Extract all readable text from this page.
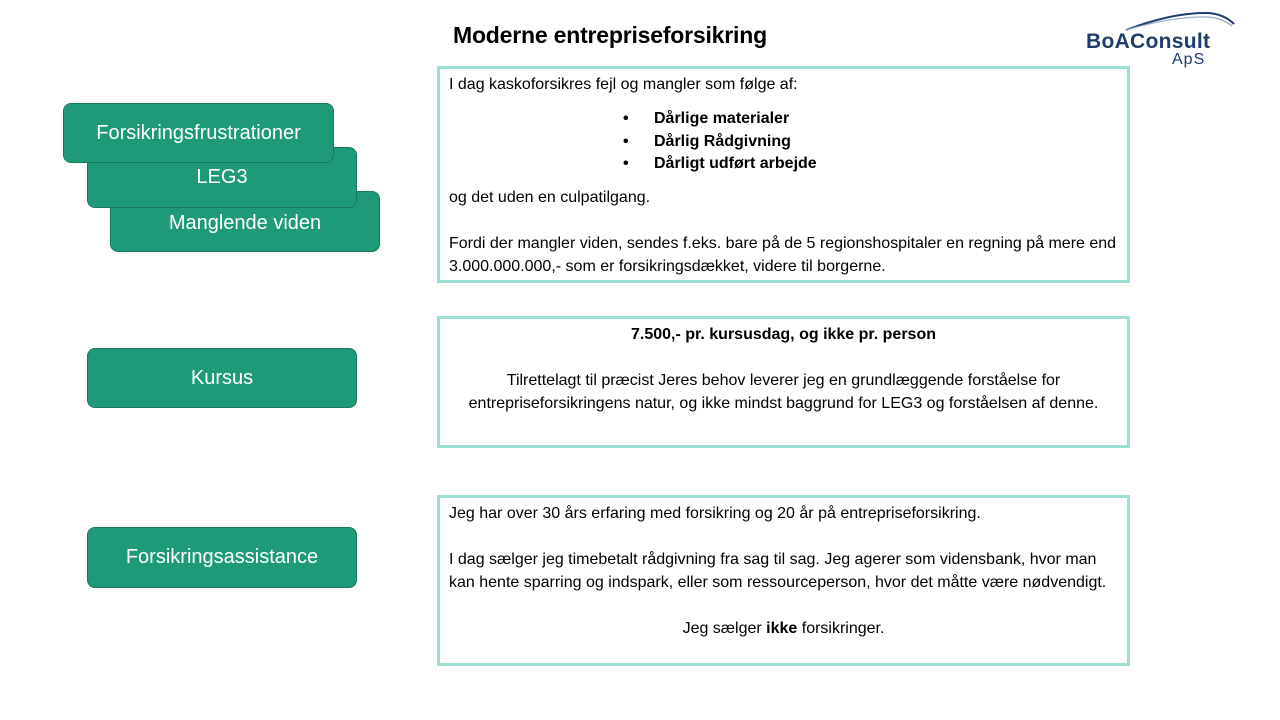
Moderne entrepriseforsikring	BoAConsult
ApS
Manglende viden
LEG3
Forsikringsfrustrationer
Kursus
Forsikringsassistance

I dag kaskoforsikres fejl og mangler som følge af:

• Dårlige materialer
• Dårlig Rådgivning
• Dårligt udført arbejde

og det uden en culpatilgang.

Fordi der mangler viden, sendes f.eks. bare på de 5 regionshospitaler en regning på mere end 3.000.000.000,- som er forsikringsdækket, videre til borgerne.

7.500,- pr. kursusdag, og ikke pr. person

Tilrettelagt til præcist Jeres behov leverer jeg en grundlæggende forståelse for entrepriseforsikringens natur, og ikke mindst baggrund for LEG3 og forståelsen af denne.

Jeg har over 30 års erfaring med forsikring og 20 år på entrepriseforsikring.

I dag sælger jeg timebetalt rådgivning fra sag til sag. Jeg agerer som vidensbank, hvor man kan hente sparring og indspark, eller som ressourceperson, hvor det måtte være nødvendigt.

Jeg sælger ikke forsikringer.
